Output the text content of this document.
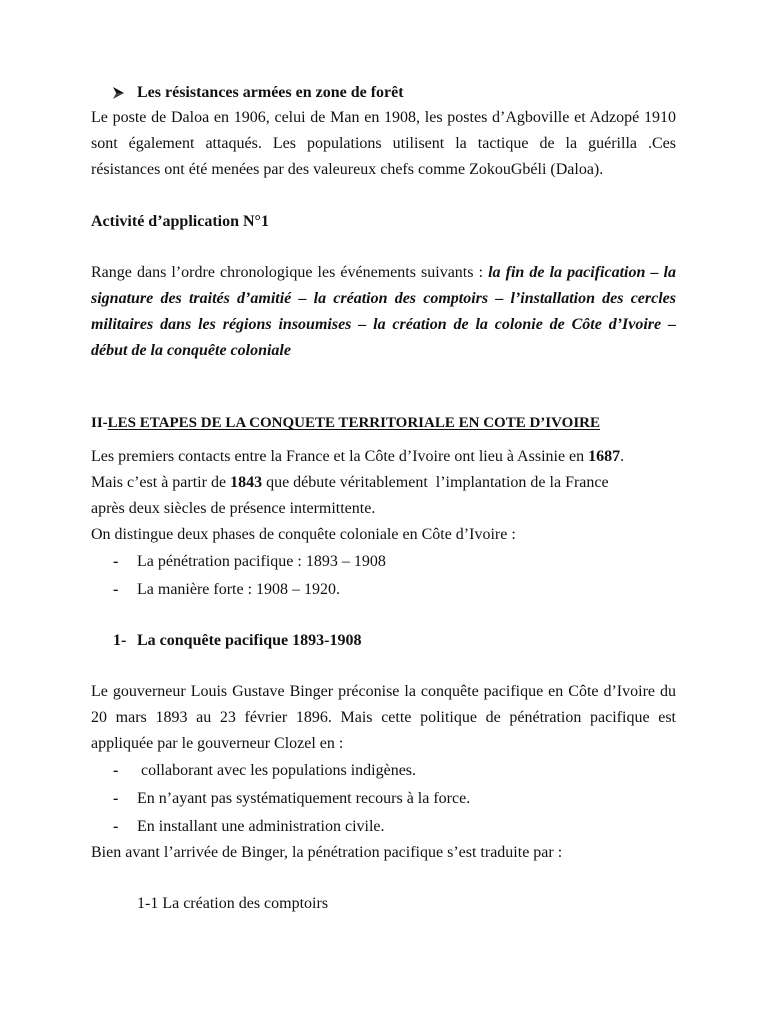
Les résistances armées en zone de forêt
Le poste de Daloa en 1906, celui de Man en 1908, les postes d’Agboville et Adzopé 1910
sont également attaqués. Les populations utilisent la tactique de la guérilla .Ces
résistances ont été menées par des valeureux chefs comme ZokouGbéli (Daloa).
Activité d’application N°1
Range dans l’ordre chronologique les événements suivants : la fin de la pacification – la
signature des traités d’amitié – la création des comptoirs – l’installation des cercles
militaires dans les régions insoumises – la création de la colonie de Côte d’Ivoire –
début de la conquête coloniale
II-LES ETAPES DE LA CONQUETE TERRITORIALE EN COTE D’IVOIRE
Les premiers contacts entre la France et la Côte d’Ivoire ont lieu à Assinie en 1687.
Mais c’est à partir de 1843 que débute véritablement  l’implantation de la France
après deux siècles de présence intermittente.
On distingue deux phases de conquête coloniale en Côte d’Ivoire :
- La pénétration pacifique : 1893 – 1908
- La manière forte : 1908 – 1920.
1- La conquête pacifique 1893-1908
Le gouverneur Louis Gustave Binger préconise la conquête pacifique en Côte d’Ivoire du
20 mars 1893 au 23 février 1896. Mais cette politique de pénétration pacifique est
appliquée par le gouverneur Clozel en :
- collaborant avec les populations indigènes.
- En n’ayant pas systématiquement recours à la force.
- En installant une administration civile.
Bien avant l’arrivée de Binger, la pénétration pacifique s’est traduite par :
1-1 La création des comptoirs
